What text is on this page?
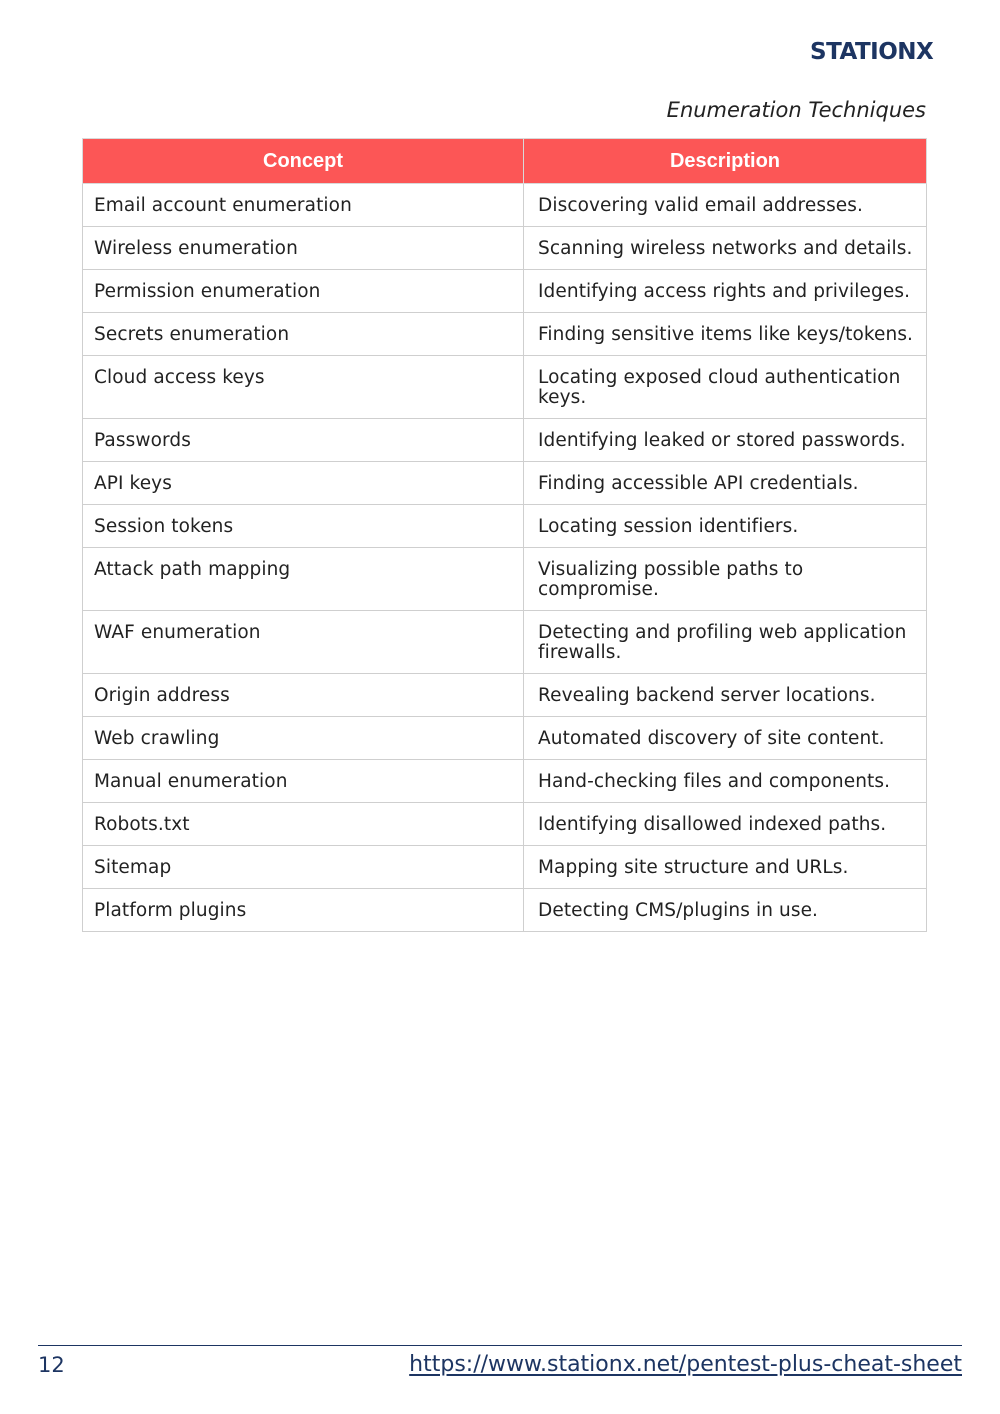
STATIONX
Enumeration Techniques
Concept	Description
Email account enumeration	Discovering valid email addresses.
Wireless enumeration	Scanning wireless networks and details.
Permission enumeration	Identifying access rights and privileges.
Secrets enumeration	Finding sensitive items like keys/tokens.
Cloud access keys	Locating exposed cloud authentication keys.
Passwords	Identifying leaked or stored passwords.
API keys	Finding accessible API credentials.
Session tokens	Locating session identifiers.
Attack path mapping	Visualizing possible paths to compromise.
WAF enumeration	Detecting and profiling web application firewalls.
Origin address	Revealing backend server locations.
Web crawling	Automated discovery of site content.
Manual enumeration	Hand-checking files and components.
Robots.txt	Identifying disallowed indexed paths.
Sitemap	Mapping site structure and URLs.
Platform plugins	Detecting CMS/plugins in use.
12	https://www.stationx.net/pentest-plus-cheat-sheet
